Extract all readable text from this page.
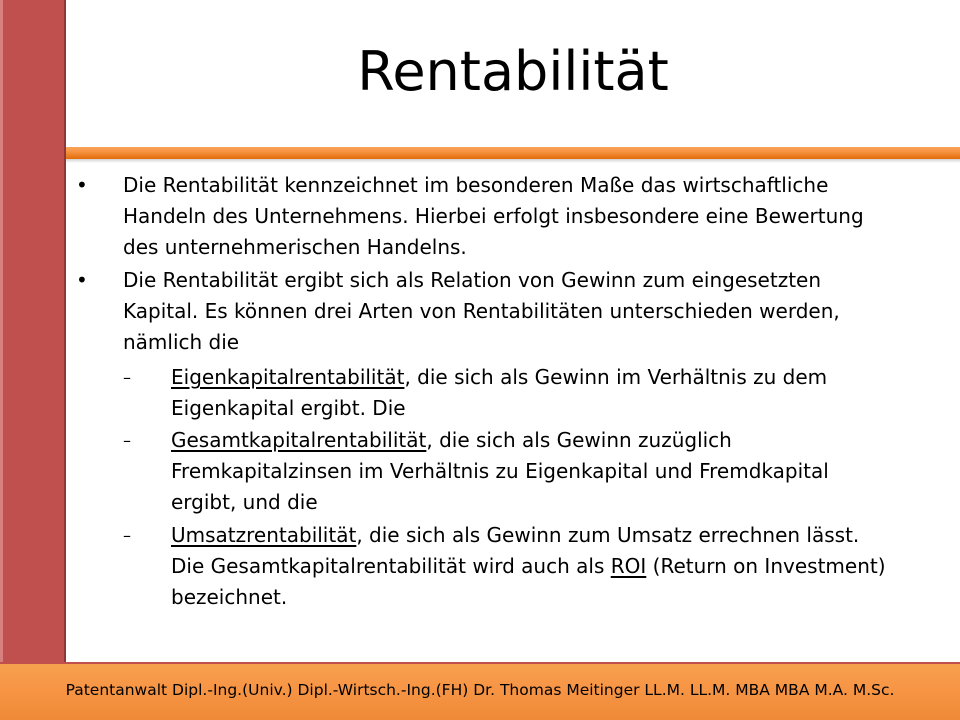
Rentabilität
•	Die Rentabilität kennzeichnet im besonderen Maße das wirtschaftliche
Handeln des Unternehmens. Hierbei erfolgt insbesondere eine Bewertung
des unternehmerischen Handelns.
•	Die Rentabilität ergibt sich als Relation von Gewinn zum eingesetzten
Kapital. Es können drei Arten von Rentabilitäten unterschieden werden,
nämlich die
–	Eigenkapitalrentabilität, die sich als Gewinn im Verhältnis zu dem
Eigenkapital ergibt. Die
–	Gesamtkapitalrentabilität, die sich als Gewinn zuzüglich
Fremkapitalzinsen im Verhältnis zu Eigenkapital und Fremdkapital
ergibt, und die
–	Umsatzrentabilität, die sich als Gewinn zum Umsatz errechnen lässt.
Die Gesamtkapitalrentabilität wird auch als ROI (Return on Investment)
bezeichnet.
Patentanwalt Dipl.-Ing.(Univ.) Dipl.-Wirtsch.-Ing.(FH) Dr. Thomas Meitinger LL.M. LL.M. MBA MBA M.A. M.Sc.
